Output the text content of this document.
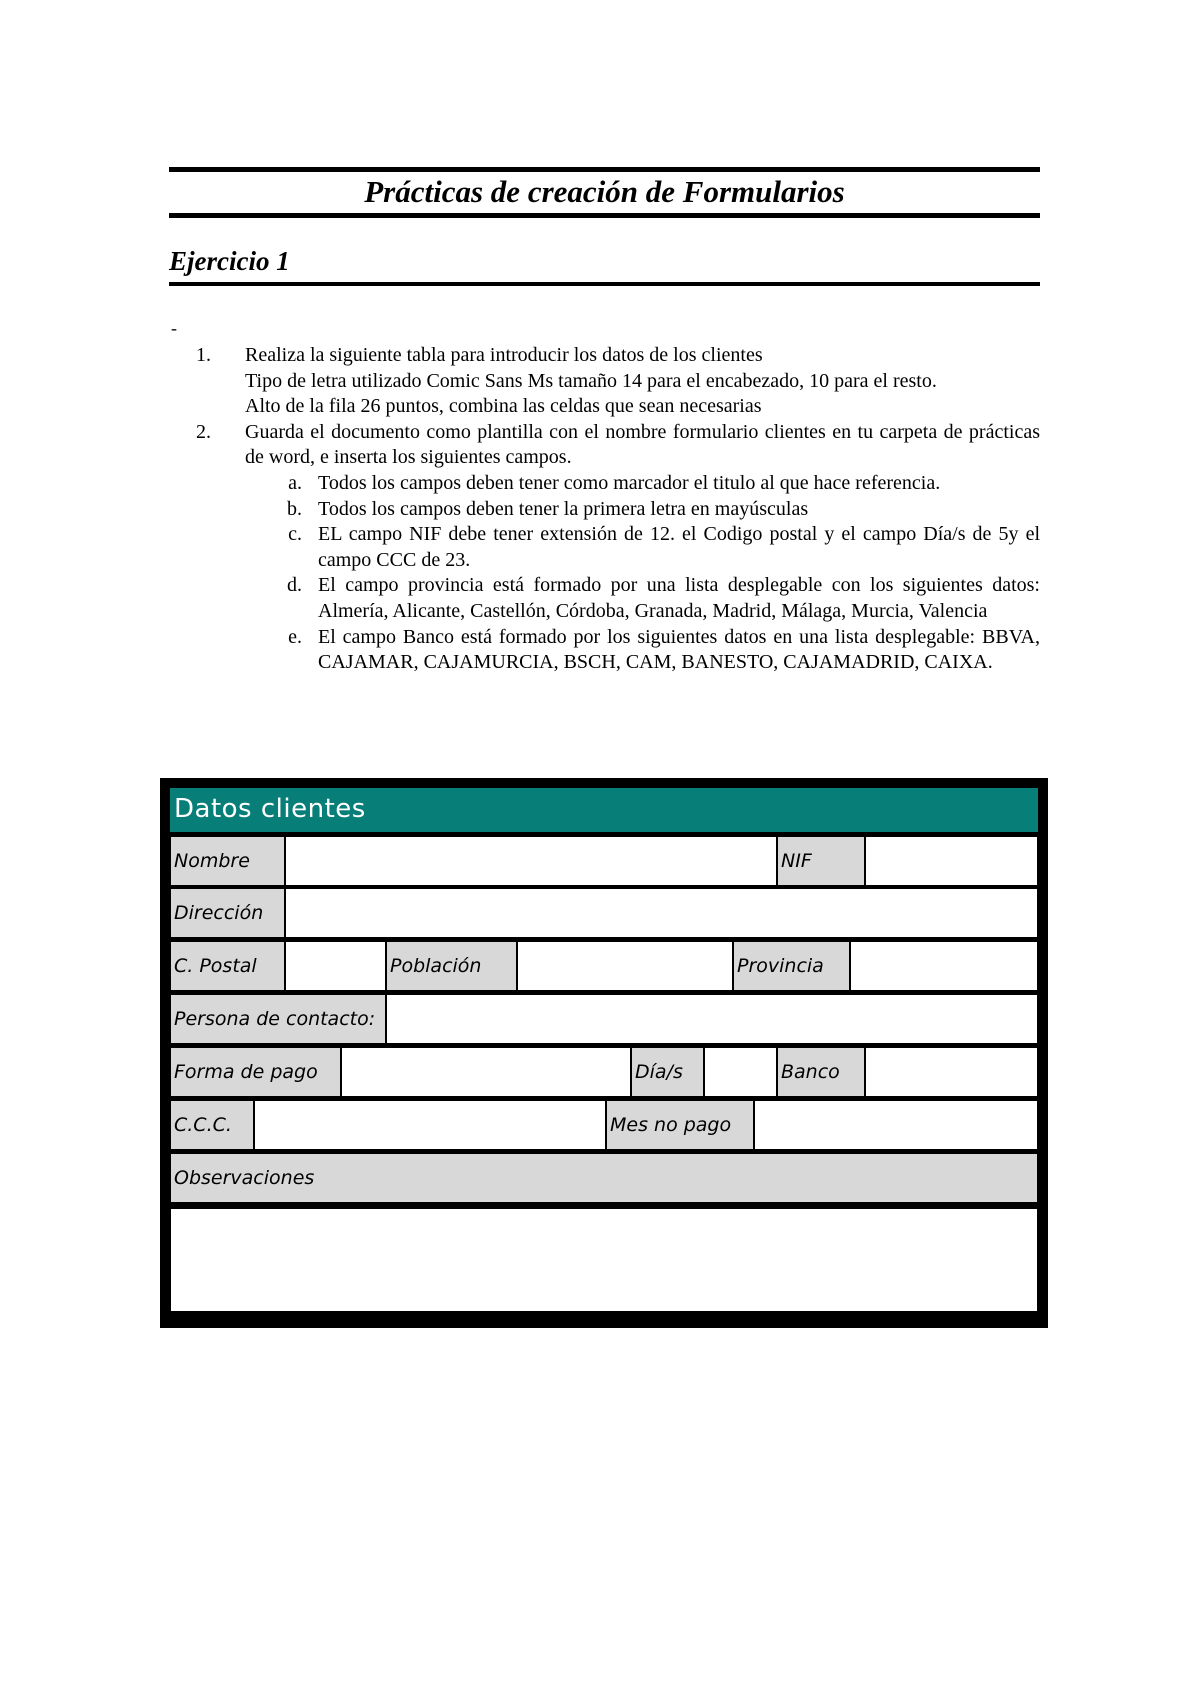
Prácticas de creación de Formularios
Ejercicio 1
-
1. Realiza la siguiente tabla para introducir los datos de los clientes
Tipo de letra utilizado Comic Sans Ms tamaño 14 para el encabezado, 10 para el resto.
Alto de la fila 26 puntos, combina las celdas que sean necesarias
2. Guarda el documento como plantilla con el nombre formulario clientes en tu carpeta de prácticas de word, e inserta los siguientes campos.
a. Todos los campos deben tener como marcador el titulo al que hace referencia.
b. Todos los campos deben tener la primera letra en mayúsculas
c. EL campo NIF debe tener extensión de 12. el Codigo postal y el campo Día/s de 5y el campo CCC de 23.
d. El campo provincia está formado por una lista desplegable con los siguientes datos: Almería, Alicante, Castellón, Córdoba, Granada, Madrid, Málaga, Murcia, Valencia
e. El campo Banco está formado por los siguientes datos en una lista desplegable: BBVA, CAJAMAR, CAJAMURCIA, BSCH, CAM, BANESTO, CAJAMADRID, CAIXA.
Datos clientes
Nombre	NIF
Dirección
C. Postal	Población	Provincia
Persona de contacto:
Forma de pago	Día/s	Banco
C.C.C.	Mes no pago
Observaciones
